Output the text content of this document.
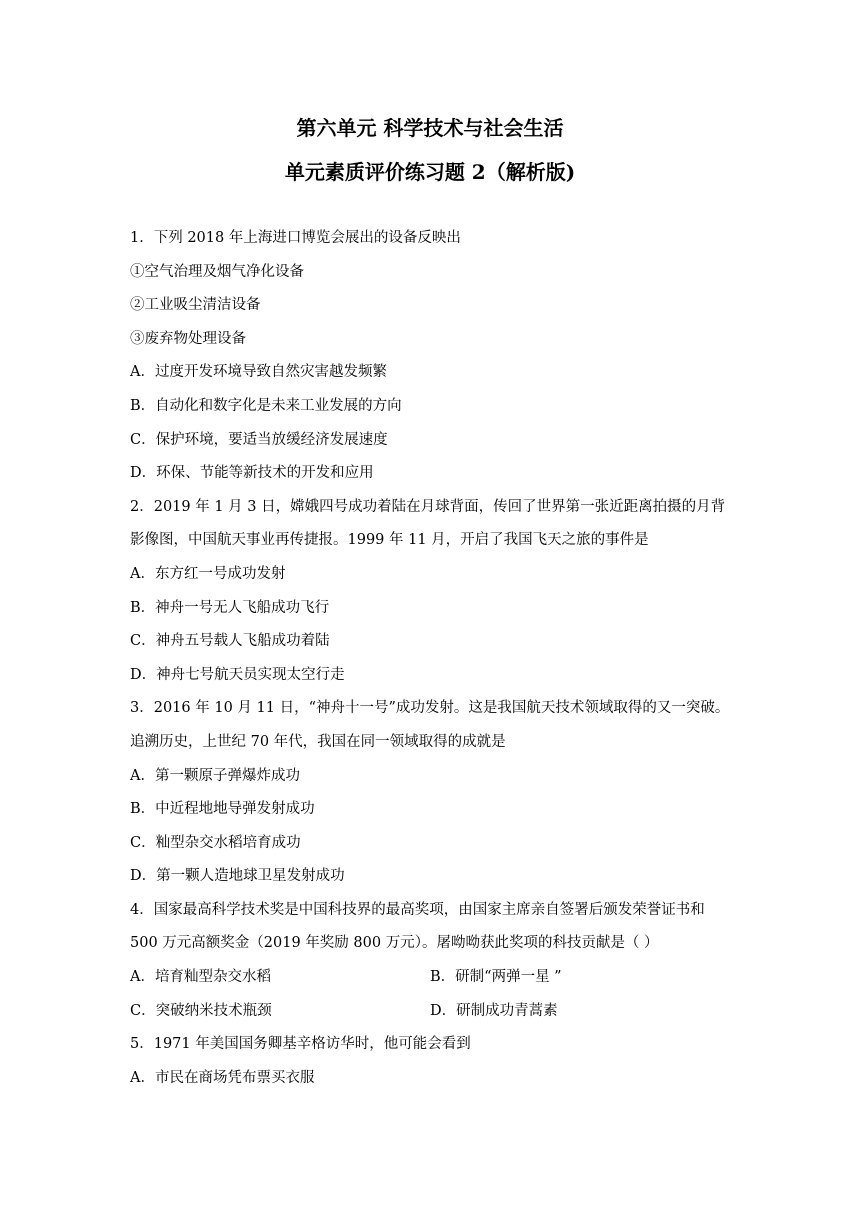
第六单元 科学技术与社会生活
单元素质评价练习题 2（解析版)
1．下列 2018 年上海进口博览会展出的设备反映出
①空气治理及烟气净化设备
②工业吸尘清洁设备
③废弃物处理设备
A．过度开发环境导致自然灾害越发频繁
B．自动化和数字化是未来工业发展的方向
C．保护环境，要适当放缓经济发展速度
D．环保、节能等新技术的开发和应用
2．2019 年 1 月 3 日，嫦娥四号成功着陆在月球背面，传回了世界第一张近距离拍摄的月背
影像图，中国航天事业再传捷报。1999 年 11 月，开启了我国飞天之旅的事件是
A．东方红一号成功发射
B．神舟一号无人飞船成功飞行
C．神舟五号载人飞船成功着陆
D．神舟七号航天员实现太空行走
3．2016 年 10 月 11 日，“神舟十一号”成功发射。这是我国航天技术领域取得的又一突破。
追溯历史，上世纪 70 年代，我国在同一领域取得的成就是
A．第一颗原子弹爆炸成功
B．中近程地地导弹发射成功
C．籼型杂交水稻培育成功
D．第一颗人造地球卫星发射成功
4．国家最高科学技术奖是中国科技界的最高奖项，由国家主席亲自签署后颁发荣誉证书和
500 万元高额奖金（2019 年奖励 800 万元）。屠呦呦获此奖项的科技贡献是（ ）
A．培育籼型杂交水稻	B．研制“两弹一星 ”
C．突破纳米技术瓶颈	D．研制成功青蒿素
5．1971 年美国国务卿基辛格访华时，他可能会看到
A．市民在商场凭布票买衣服
